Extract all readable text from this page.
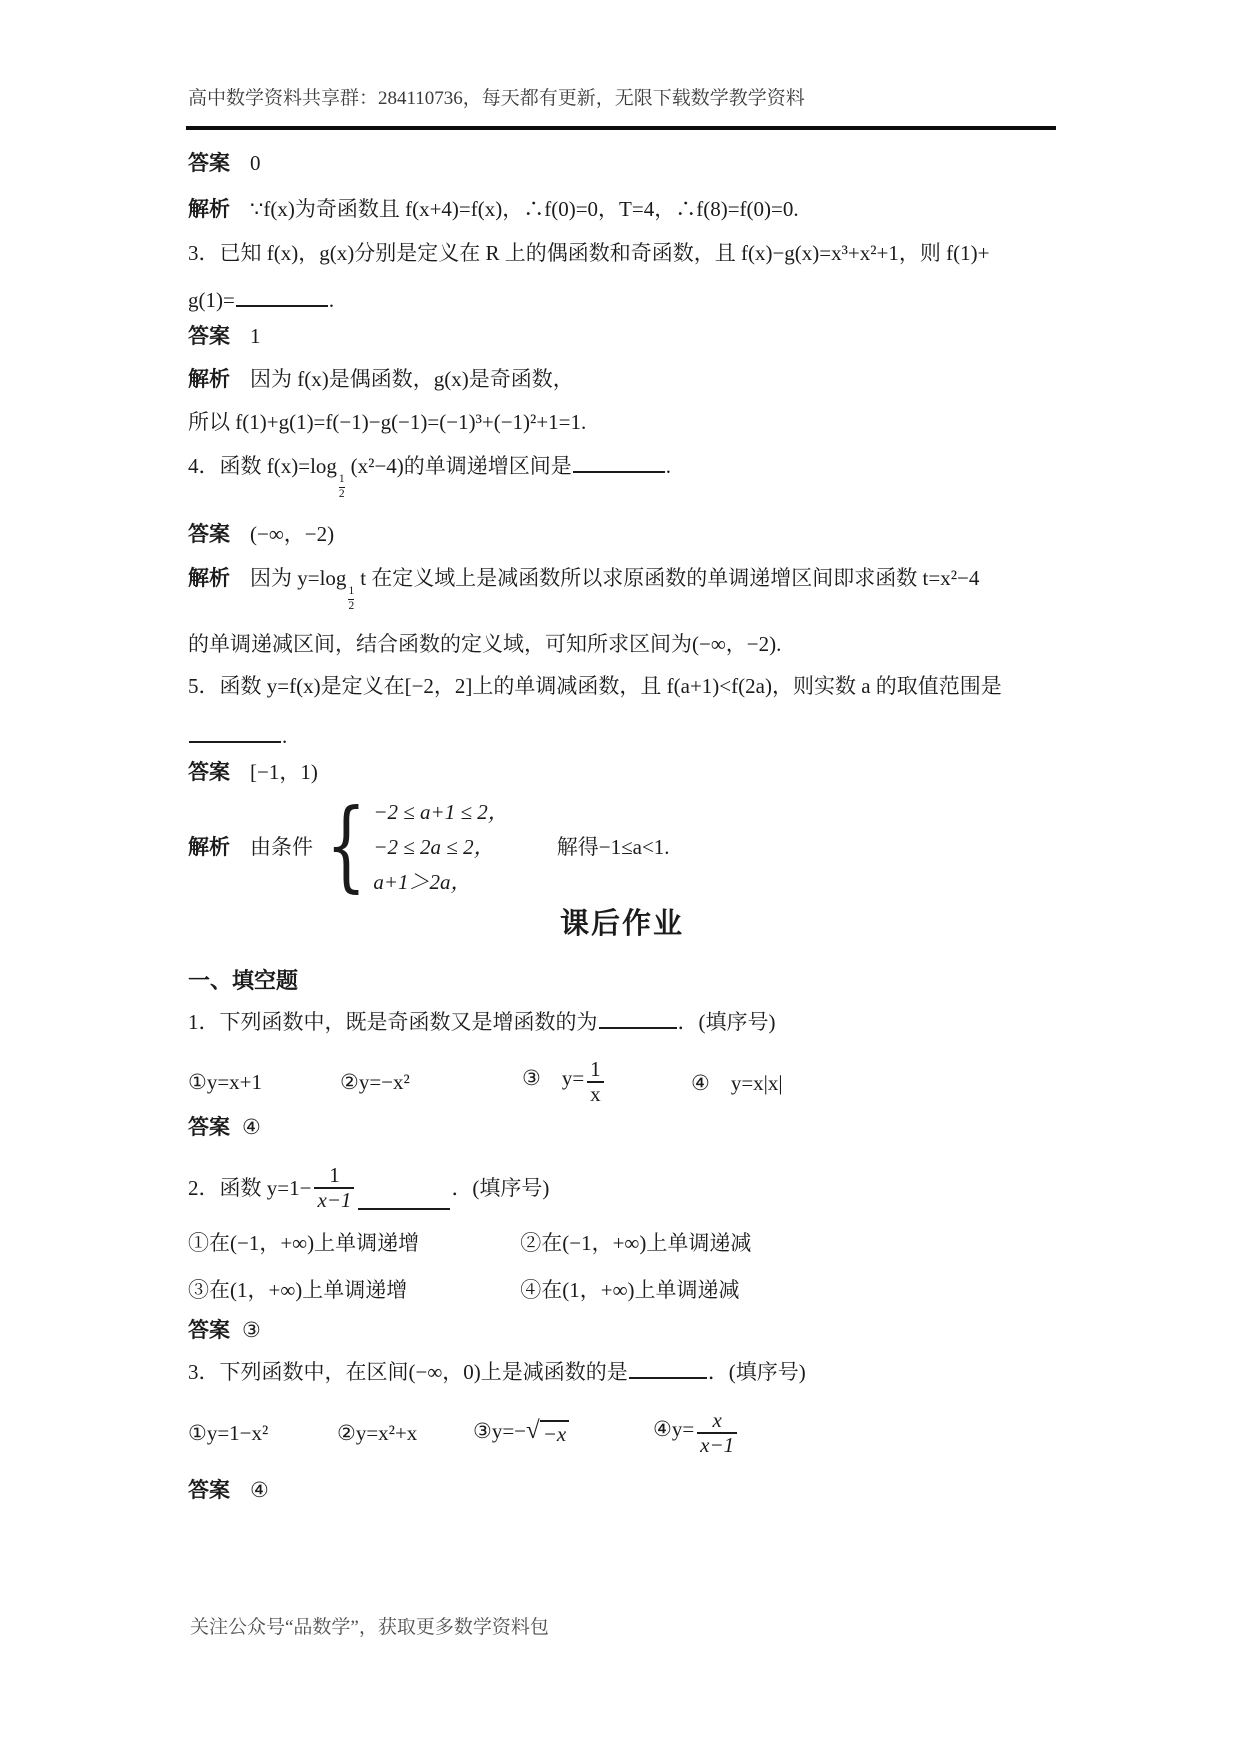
高中数学资料共享群：284110736，每天都有更新，无限下载数学教学资料
答案 0
解析 ∵f(x)为奇函数且 f(x+4)=f(x)，∴f(0)=0，T=4，∴f(8)=f(0)=0.
3．已知 f(x)，g(x)分别是定义在 R 上的偶函数和奇函数，且 f(x)−g(x)=x³+x²+1，则 f(1)+
g(1)=	.
答案 1
解析 因为 f(x)是偶函数，g(x)是奇函数，
所以 f(1)+g(1)=f(−1)−g(−1)=(−1)³+(−1)²+1=1.
4．函数 $f(x)=\log\frac{1}{2}$
(x²−4)的单调递增区间是	.
答案 (−∞，−2)
解析 因为 $y=\log\frac{1}{2}$
t 在定义域上是减函数所以求原函数的单调递增区间即求函数 t=x²−4
的单调递减区间，结合函数的定义域，可知所求区间为(−∞，−2).
5．函数 y=f(x)是定义在[−2，2]上的单调减函数，且 f(a+1)<f(2a)，则实数 a 的取值范围是
.
答案 [−1，1)
解析 由条件 { −2 ≤ a+1 ≤ 2，
−2 ≤ 2a ≤ 2，
a+1＞2a，
解得−1≤a<1.
课后作业
一、填空题
1．下列函数中，既是奇函数又是增函数的为	．(填序号)
①y=x+1	②y=−x²	③　$y= \frac{1}{x}$	④　y=x|x|
答案 ④
2．函数 $y=1- \frac{1}{x-1}$	．(填序号)
①在(−1，+∞)上单调递增	②在(−1，+∞)上单调递减
③在(1，+∞)上单调递增	④在(1，+∞)上单调递减
答案 ③
3．下列函数中，在区间(−∞，0)上是减函数的是	．(填序号)
①y=1−x²	②y=x²+x	③y=− √ −x	④y= $\frac{x}{x-1}$
答案 ④
关注公众号“品数学”，获取更多数学资料包
